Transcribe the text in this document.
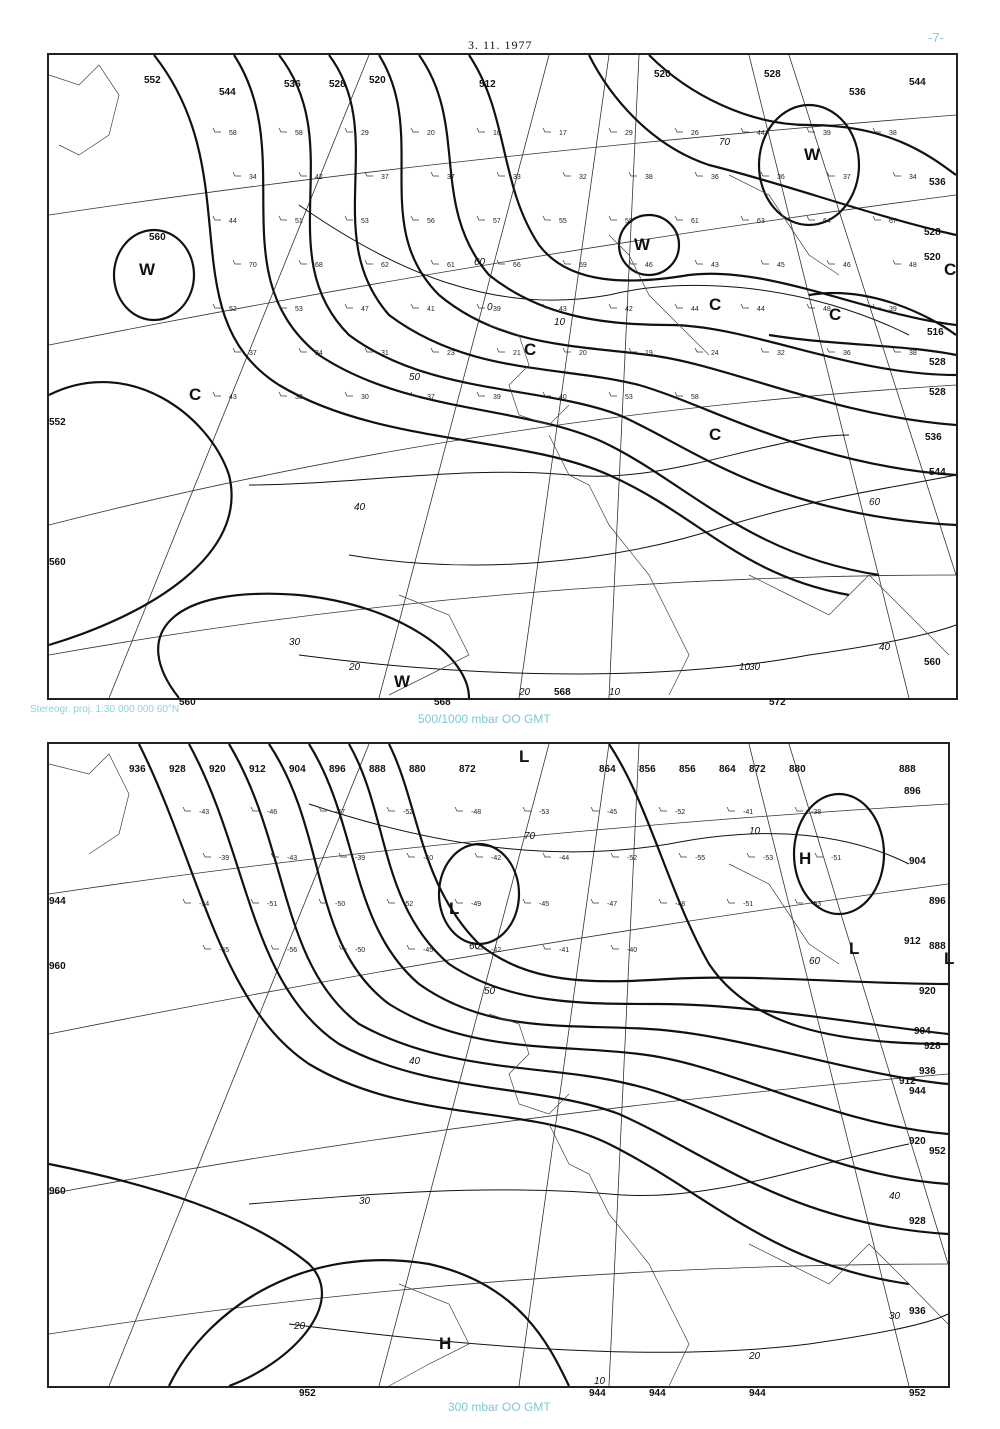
-7-
3. 11. 1977
552
544
536	528 520	512
520	528
536
544
536
528
520
516
528
528
536
544
552
560
560
560	568
568
572
560
50
60
70
40
30
20
10
0
10
60
40
30
20	10
W
C
C
W
W
C
C
C
C
W
58	58	29	20	16	17	29	26	44	39	38
34	42	37	37	33	32	38	36	36	37	34
44	51	53	56	57	55	58	61	63	64	67
70	68	62	61	66	69	46	43	45	46	48
52	53	47	41	39	43	42	44	44	48	39
37	34	31	23	21	20	19	24	32	36	38
43	33	30	37	39	40	53	58
Stereogr. proj. 1:30 000 000 60°N
500/1000 mbar OO GMT
944
936 928 920 912 904 896 888 880	872	864 856 856 864 872 880	888
896
904
912
920
928
936
944
952
960
960
952	944	944	944	952
896
888
904
912
920
928
936
70
60
50
40
30
20
10
60
40
30
20
10
L
L
H
L
L
H
-43	-46	-47	-52	-48	-53	-45	-52	-41	-38
-39	-43	-39	-40	-42	-44	-52	-55	-53	-51
-54	-51	-50	-52	-49	-45	-47	-48	-51	-53
-55	-56	-50	-45	-42	-41	-40
300 mbar OO GMT
